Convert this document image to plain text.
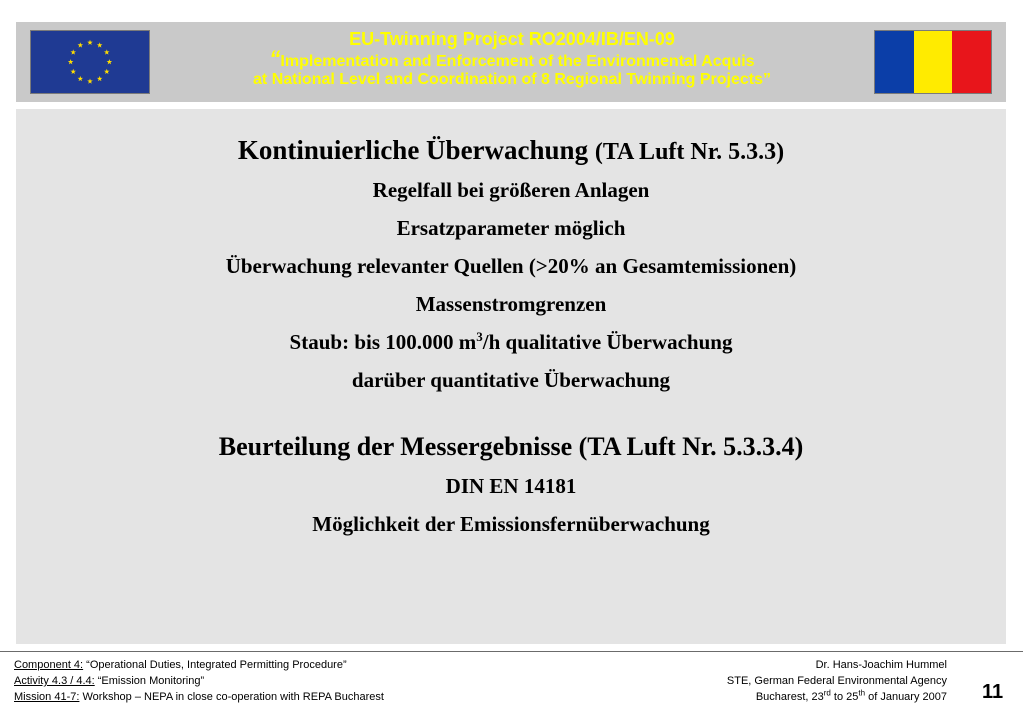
EU-Twinning Project RO2004/IB/EN-09
“Implementation and Enforcement of the Environmental Acquis
at National Level and Coordination of 8 Regional Twinning Projects”
Kontinuierliche Überwachung (TA Luft Nr. 5.3.3)
Regelfall bei größeren Anlagen
Ersatzparameter möglich
Überwachung relevanter Quellen (>20% an Gesamtemissionen)
Massenstromgrenzen
Staub: bis 100.000 $m^3/h$ qualitative Überwachung
darüber quantitative Überwachung
Beurteilung der Messergebnisse (TA Luft Nr. 5.3.3.4)
DIN EN 14181
Möglichkeit der Emissionsfernüberwachung
Component 4: “Operational Duties, Integrated Permitting Procedure”
Activity 4.3 / 4.4: “Emission Monitoring”
Mission 41-7: Workshop – NEPA in close co-operation with REPA Bucharest
Dr. Hans-Joachim Hummel
STE, German Federal Environmental Agency
Bucharest, 23rd to 25th of January 2007 11
